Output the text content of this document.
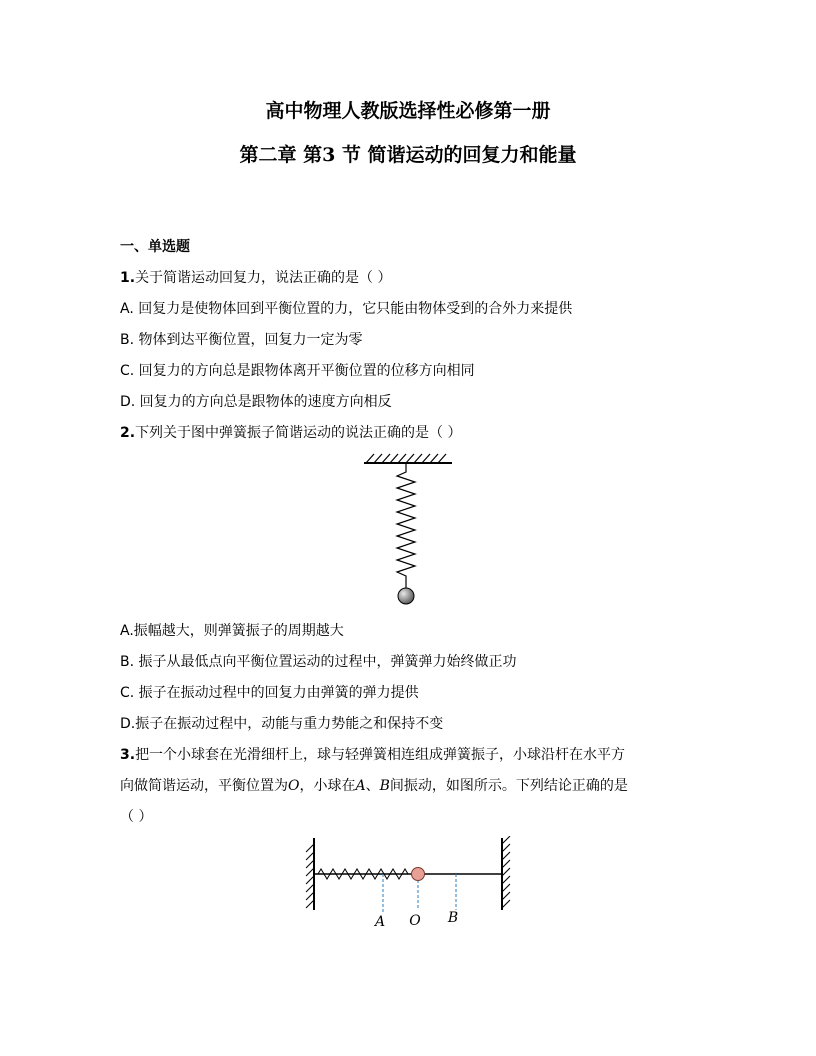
高中物理人教版选择性必修第一册
第二章 第3 节 简谐运动的回复力和能量
一、单选题
1.关于简谐运动回复力，说法正确的是（ ）
A. 回复力是使物体回到平衡位置的力，它只能由物体受到的合外力来提供
B. 物体到达平衡位置，回复力一定为零
C. 回复力的方向总是跟物体离开平衡位置的位移方向相同
D. 回复力的方向总是跟物体的速度方向相反
2.下列关于图中弹簧振子简谐运动的说法正确的是（ ）
A.振幅越大，则弹簧振子的周期越大
B. 振子从最低点向平衡位置运动的过程中，弹簧弹力始终做正功
C. 振子在振动过程中的回复力由弹簧的弹力提供
D.振子在振动过程中，动能与重力势能之和保持不变
3.把一个小球套在光滑细杆上，球与轻弹簧相连组成弹簧振子，小球沿杆在水平方
向做简谐运动，平衡位置为O，小球在A、B间振动，如图所示。下列结论正确的是
（ ）
A O B
